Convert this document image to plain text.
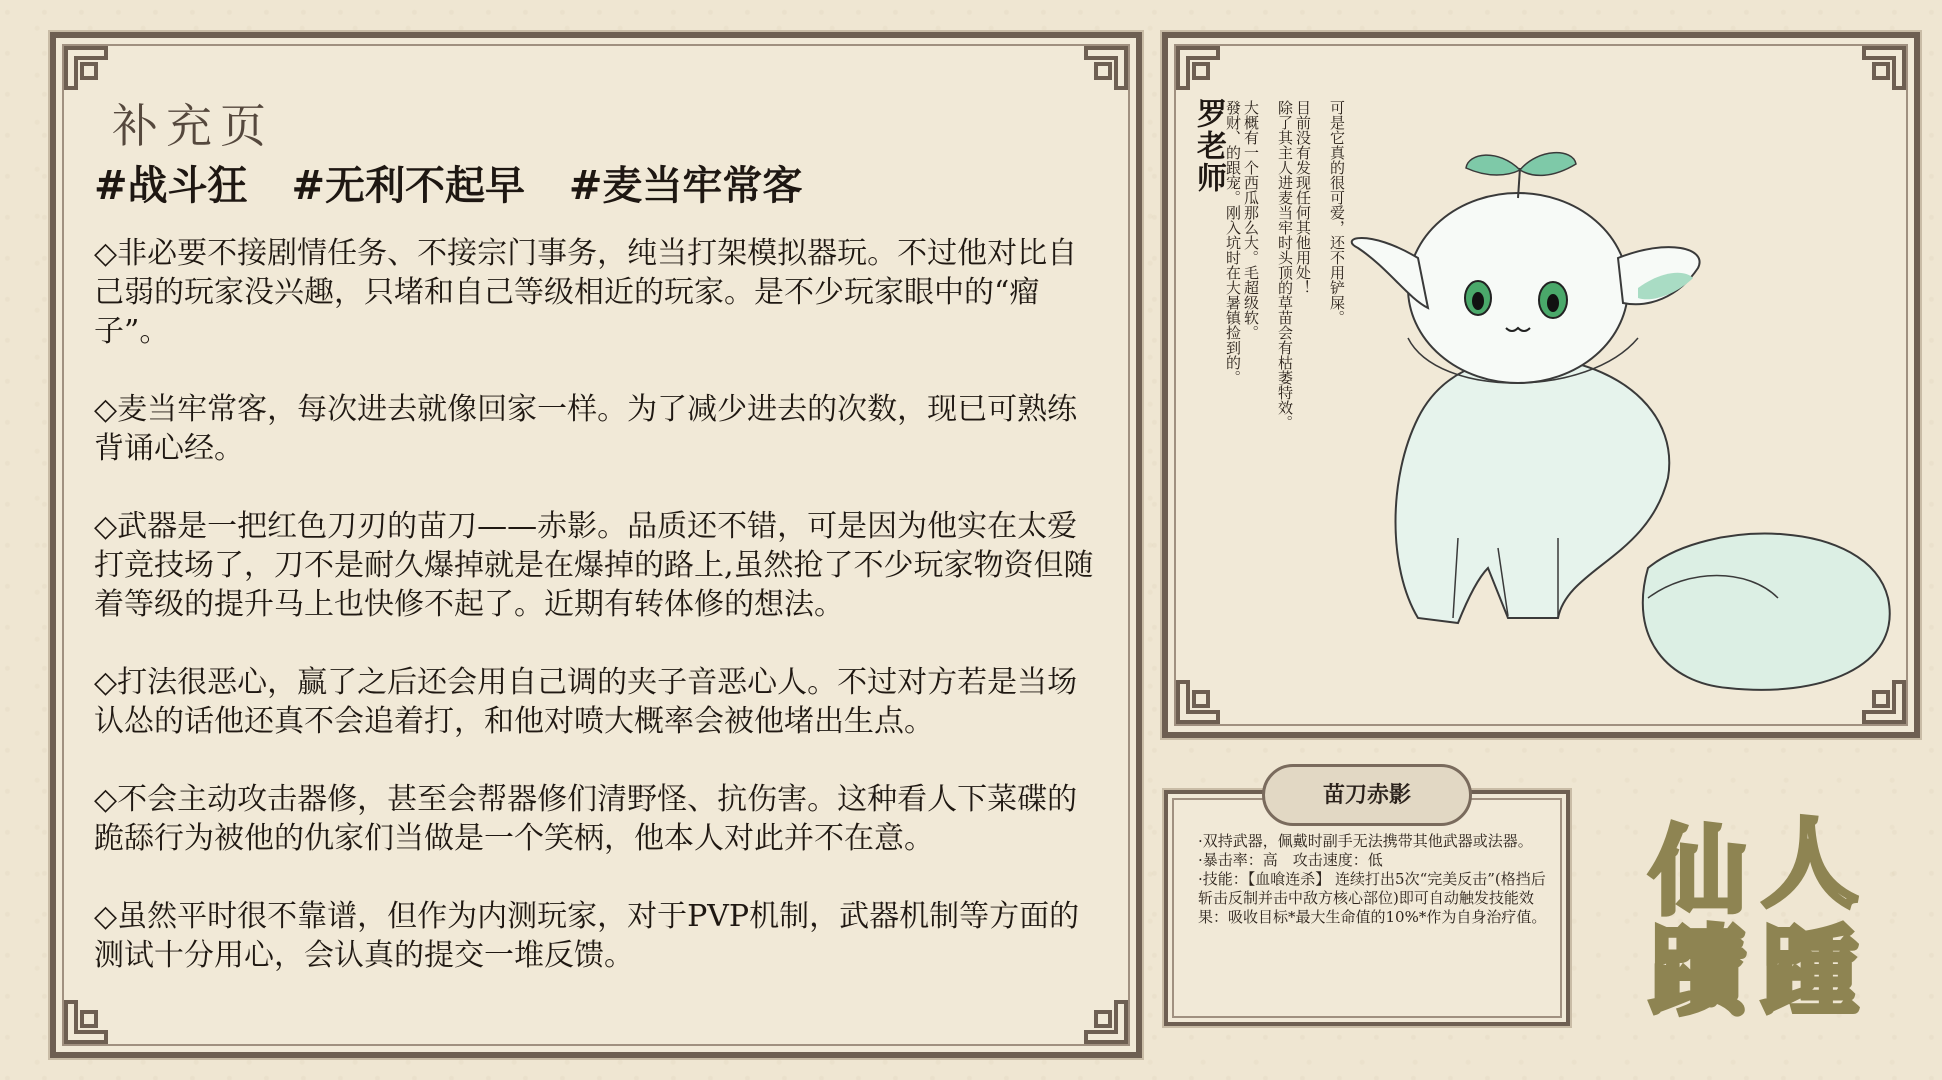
补充页
#战斗狂 #无利不起早 #麦当牢常客
◇非必要不接剧情任务、不接宗门事务，纯当打架模拟器玩。不过他对比自己弱的玩家没兴趣，只堵和自己等级相近的玩家。是不少玩家眼中的“瘤子”。
◇麦当牢常客，每次进去就像回家一样。为了减少进去的次数，现已可熟练背诵心经。
◇武器是一把红色刀刃的苗刀——赤影。品质还不错，可是因为他实在太爱打竞技场了，刀不是耐久爆掉就是在爆掉的路上,虽然抢了不少玩家物资但随着等级的提升马上也快修不起了。近期有转体修的想法。
◇打法很恶心，赢了之后还会用自己调的夹子音恶心人。不过对方若是当场认怂的话他还真不会追着打，和他对喷大概率会被他堵出生点。
◇不会主动攻击器修，甚至会帮器修们清野怪、抗伤害。这种看人下菜碟的跪舔行为被他的仇家们当做是一个笑柄，他本人对此并不在意。
◇虽然平时很不靠谱，但作为内测玩家，对于PVP机制，武器机制等方面的测试十分用心，会认真的提交一堆反馈。
罗老师	可是它真的很可爱，还不用铲屎。
目前没有发现任何其他用处！
除了其主人进麦当牢时头顶的草苗会有枯萎特效。
大概有一个西瓜那么大。毛超级软。
發财、的跟宠。刚入坑时在大暑镇捡到的。
苗刀赤影
·双持武器，佩戴时副手无法携带其他武器或法器。
·暴击率：高　攻击速度：低
·技能：【血喰连杀】 连续打出5次“完美反击”(格挡后斩击反制并击中敌方核心部位)即可自动触发技能效果：吸收目标*最大生命值的10%*作为自身治疗值。 仙 人
蹟 踵
